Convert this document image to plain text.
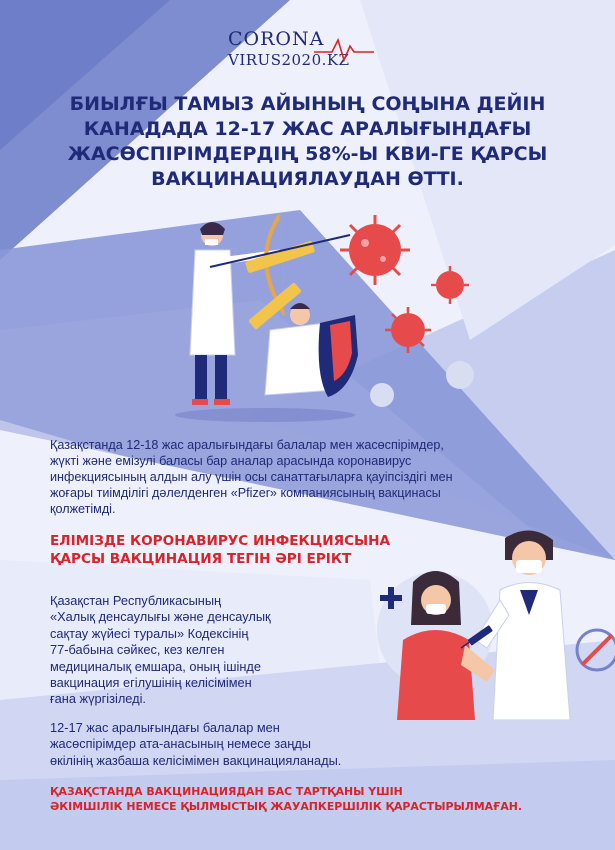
CORONA
VIRUS2020.KZ
БИЫЛҒЫ ТАМЫЗ АЙЫНЫҢ СОҢЫНА ДЕЙІН
КАНАДАДА 12-17 ЖАС АРАЛЫҒЫНДАҒЫ
ЖАСӨСПІРІМДЕРДІҢ 58%-Ы КВИ-ГЕ ҚАРСЫ
ВАКЦИНАЦИЯЛАУДАН ӨТТІ.
Қазақстанда 12-18 жас аралығындағы балалар мен жасөспірімдер,
жүкті және емізулі баласы бар аналар арасында коронавирус
инфекциясының алдын алу үшін осы санаттағыларға қауіпсіздігі мен
жоғары тиімділігі дәлелденген «Pfizer» компаниясының вакцинасы
қолжетімді.
ЕЛІМІЗДЕ КОРОНАВИРУС ИНФЕКЦИЯСЫНА
ҚАРСЫ ВАКЦИНАЦИЯ ТЕГІН ӘРІ ЕРІКТ
Қазақстан Республикасының
«Халық денсаулығы және денсаулық
сақтау жүйесі туралы» Кодексінің
77-бабына сәйкес, кез келген
медициналық емшара, оның ішінде
вакцинация егілушінің келісімімен
ғана жүргізіледі.
12-17 жас аралығындағы балалар мен
жасөспірімдер ата-анасының немесе заңды
өкілінің жазбаша келісімімен вакцинацияланады.
ҚАЗАҚСТАНДА ВАКЦИНАЦИЯДАН БАС ТАРТҚАНЫ ҮШІН
ӘКІМШІЛІК НЕМЕСЕ ҚЫЛМЫСТЫҚ ЖАУАПКЕРШІЛІК ҚАРАСТЫРЫЛМАҒАН.
